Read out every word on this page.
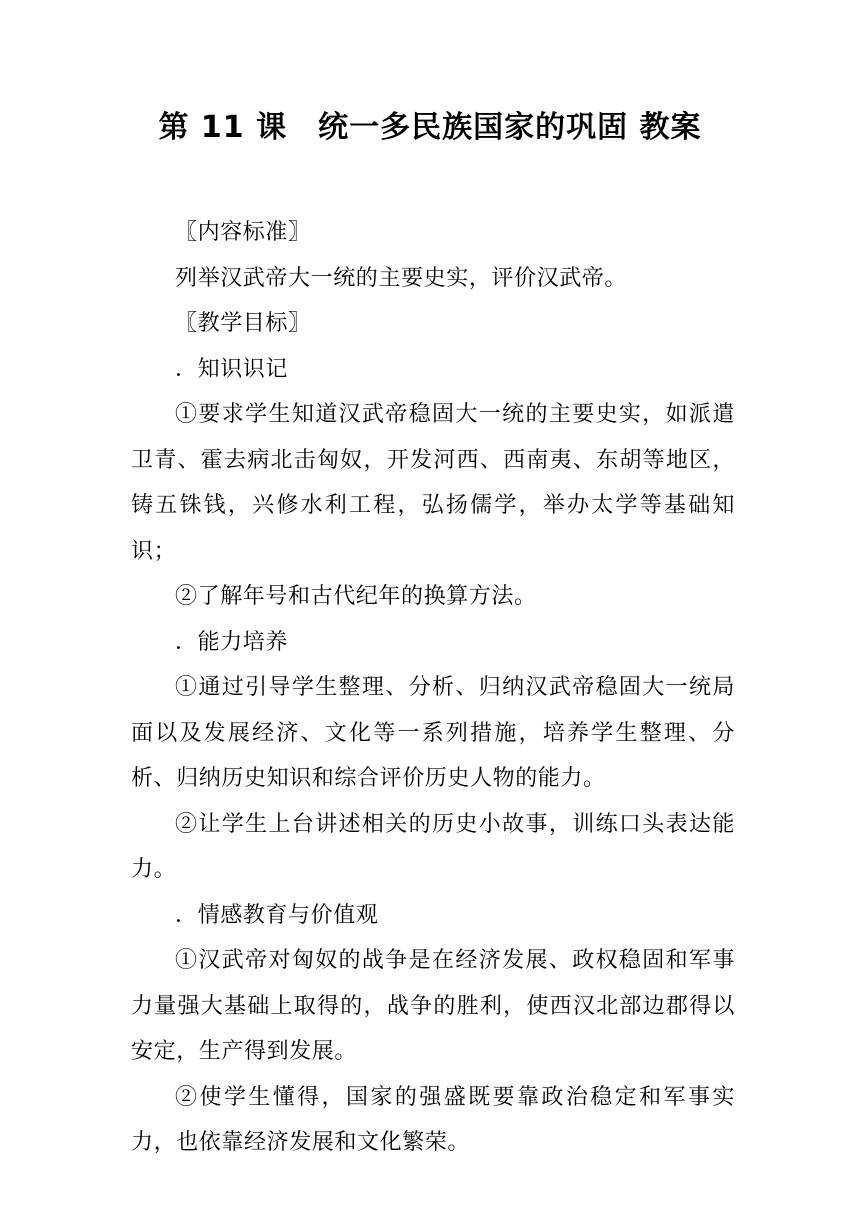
第 11 课　统一多民族国家的巩固 教案

〖内容标准〗

列举汉武帝大一统的主要史实，评价汉武帝。

〖教学目标〗

．知识识记

①要求学生知道汉武帝稳固大一统的主要史实，如派遣卫青、霍去病北击匈奴，开发河西、西南夷、东胡等地区，铸五铢钱，兴修水利工程，弘扬儒学，举办太学等基础知识；

②了解年号和古代纪年的换算方法。

．能力培养

①通过引导学生整理、分析、归纳汉武帝稳固大一统局面以及发展经济、文化等一系列措施，培养学生整理、分析、归纳历史知识和综合评价历史人物的能力。

②让学生上台讲述相关的历史小故事，训练口头表达能力。

．情感教育与价值观

①汉武帝对匈奴的战争是在经济发展、政权稳固和军事力量强大基础上取得的，战争的胜利，使西汉北部边郡得以安定，生产得到发展。

②使学生懂得，国家的强盛既要靠政治稳定和军事实力，也依靠经济发展和文化繁荣。
